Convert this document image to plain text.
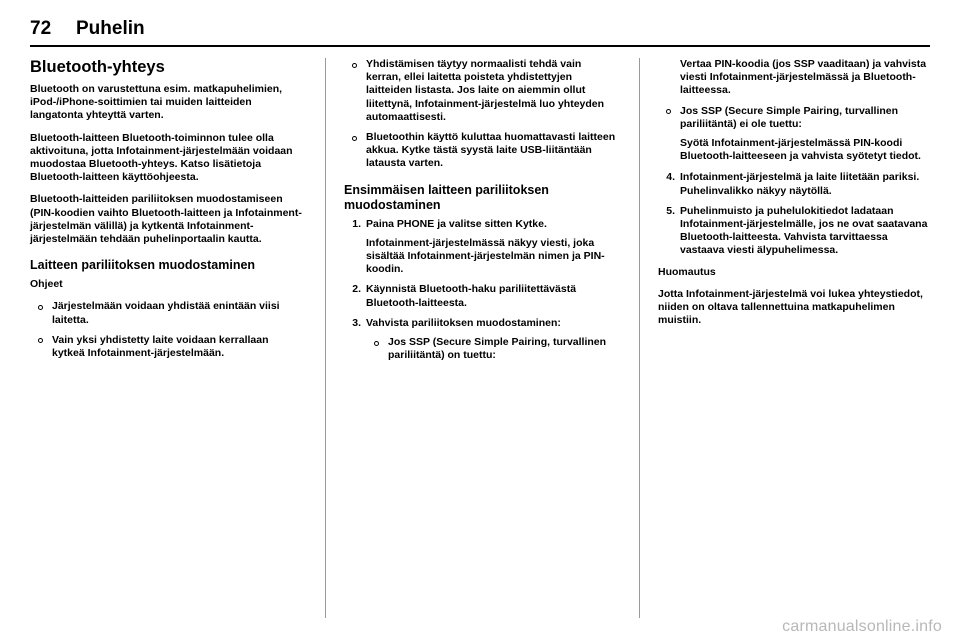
72 Puhelin
Bluetooth-yhteys

Bluetooth on varustettuna esim. matkapuhelimien, iPod-/iPhone-soittimien tai muiden laitteiden langatonta yhteyttä varten.

Bluetooth-laitteen Bluetooth-toiminnon tulee olla aktivoituna, jotta Infotainment-järjestelmään voidaan muodostaa Bluetooth-yhteys. Katso lisätietoja Bluetooth-laitteen käyttöohjeesta.

Bluetooth-laitteiden pariliitoksen muodostamiseen (PIN-koodien vaihto Bluetooth-laitteen ja Infotainment-järjestelmän välillä) ja kytkentä Infotainment-järjestelmään tehdään puhelinportaalin kautta.

Laitteen pariliitoksen muodostaminen

Ohjeet

Järjestelmään voidaan yhdistää enintään viisi laitetta.
Vain yksi yhdistetty laite voidaan kerrallaan kytkeä Infotainment-järjestelmään.
Yhdistämisen täytyy normaalisti tehdä vain kerran, ellei laitetta poisteta yhdistettyjen laitteiden listasta. Jos laite on aiemmin ollut liitettynä, Infotainment-järjestelmä luo yhteyden automaattisesti.
Bluetoothin käyttö kuluttaa huomattavasti laitteen akkua. Kytke tästä syystä laite USB-liitäntään latausta varten.
Ensimmäisen laitteen pariliitoksen muodostaminen
1. Paina PHONE ja valitse sitten Kytke.
Infotainment-järjestelmässä näkyy viesti, joka sisältää Infotainment-järjestelmän nimen ja PIN-koodin.
2. Käynnistä Bluetooth-haku pariliitettävästä Bluetooth-laitteesta.
3. Vahvista pariliitoksen muodostaminen:
Jos SSP (Secure Simple Pairing, turvallinen pariliitäntä) on tuettu:
Vertaa PIN-koodia (jos SSP vaaditaan) ja vahvista viesti Infotainment-järjestelmässä ja Bluetooth-laitteessa.
Jos SSP (Secure Simple Pairing, turvallinen pariliitäntä) ei ole tuettu:
Syötä Infotainment-järjestelmässä PIN-koodi Bluetooth-laitteeseen ja vahvista syötetyt tiedot.
4. Infotainment-järjestelmä ja laite liitetään pariksi. Puhelinvalikko näkyy näytöllä.
5. Puhelinmuisto ja puhelulokitiedot ladataan Infotainment-järjestelmälle, jos ne ovat saatavana Bluetooth-laitteesta. Vahvista tarvittaessa vastaava viesti älypuhelimessa.

Huomautus

Jotta Infotainment-järjestelmä voi lukea yhteystiedot, niiden on oltava tallennettuina matkapuhelimen muistiin.

carmanualsonline.info
